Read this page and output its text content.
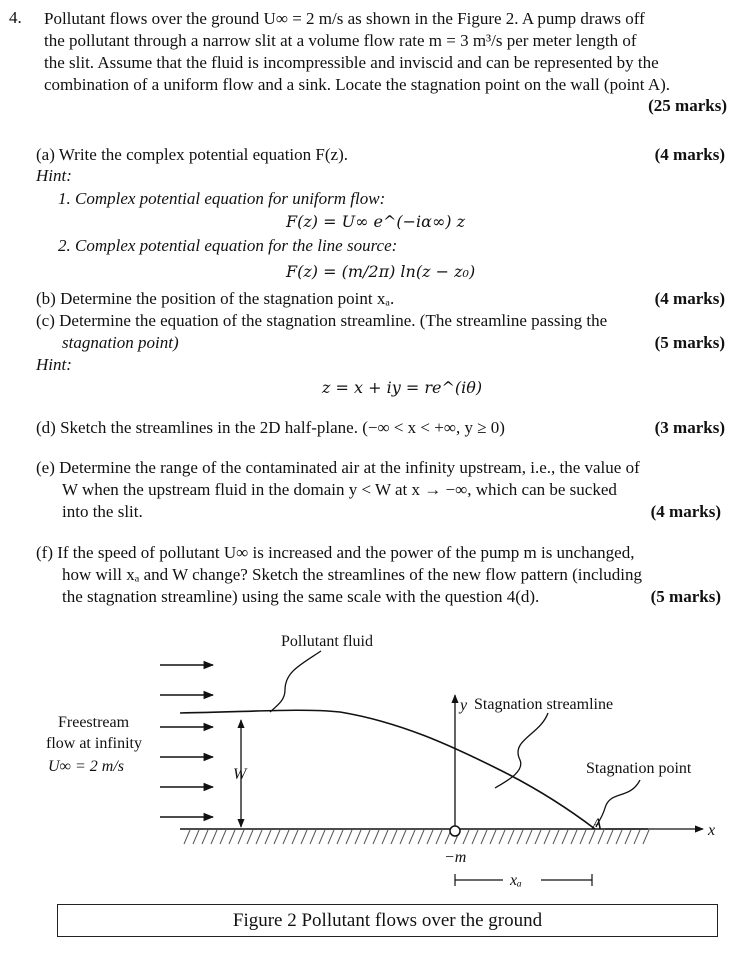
4. Pollutant flows over the ground U∞ = 2 m/s as shown in the Figure 2. A pump draws off
the pollutant through a narrow slit at a volume flow rate m = 3 m³/s per meter length of
the slit. Assume that the fluid is incompressible and inviscid and can be represented by the
combination of a uniform flow and a sink. Locate the stagnation point on the wall (point A).
(25 marks)
(a) Write the complex potential equation F(z).	(4 marks)
Hint:
1. Complex potential equation for uniform flow:
F(z) = U∞ e^(−iα∞) z
2. Complex potential equation for the line source:
F(z) = (m/2π) ln(z − z₀)
(b) Determine the position of the stagnation point xₐ.	(4 marks)
(c) Determine the equation of the stagnation streamline. (The streamline passing the
stagnation point)	(5 marks)
Hint:
z = x + iy = re^(iθ)
(d) Sketch the streamlines in the 2D half-plane. (−∞ < x < +∞, y ≥ 0)	(3 marks)
(e) Determine the range of the contaminated air at the infinity upstream, i.e., the value of
W when the upstream fluid in the domain y < W at x → −∞, which can be sucked
into the slit.	(4 marks)
(f) If the speed of pollutant U∞ is increased and the power of the pump m is unchanged,
how will xₐ and W change? Sketch the streamlines of the new flow pattern (including
the stagnation streamline) using the same scale with the question 4(d).	(5 marks)
Pollutant fluid
Freestream
flow at infinity
U∞ = 2 m/s	W
y Stagnation streamline
Stagnation point
A	x
−m
xₐ
Figure 2 Pollutant flows over the ground
